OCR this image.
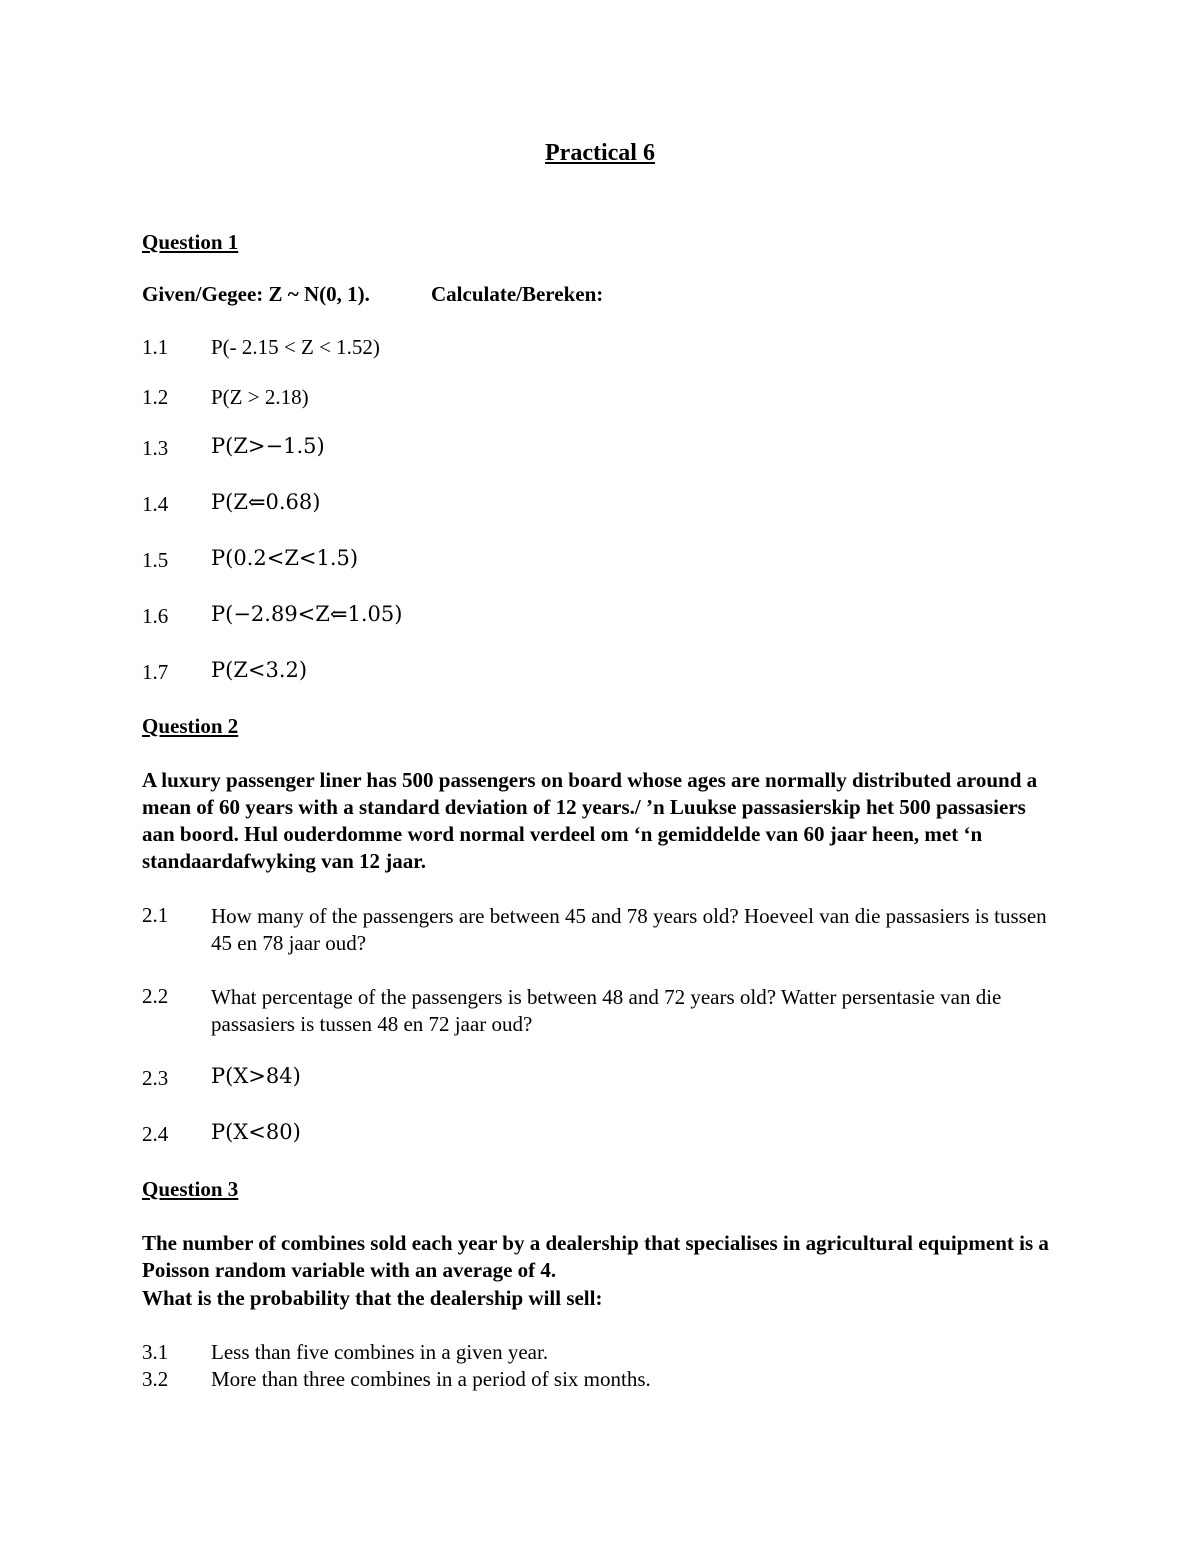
Practical 6
Question 1
Given/Gegee: Z ~ N(0, 1).	Calculate/Bereken:
1.1 P(- 2.15 < Z < 1.52)
1.2 P(Z > 2.18)
1.3 P(Z>−1.5)
1.4 P(Z⇐0.68)
1.5 P(0.2<Z<1.5)
1.6 P(−2.89<Z⇐1.05)
1.7 P(Z<3.2)
Question 2
A luxury passenger liner has 500 passengers on board whose ages are normally distributed around a mean of 60 years with a standard deviation of 12 years./ ’n Luukse passasierskip het 500 passasiers aan boord. Hul ouderdomme word normal verdeel om ‘n gemiddelde van 60 jaar heen, met ‘n standaardafwyking van 12 jaar.
2.1 How many of the passengers are between 45 and 78 years old? Hoeveel van die passasiers is tussen 45 en 78 jaar oud?
2.2 What percentage of the passengers is between 48 and 72 years old? Watter persentasie van die passasiers is tussen 48 en 72 jaar oud?
2.3 P(X>84)
2.4 P(X<80)
Question 3
The number of combines sold each year by a dealership that specialises in agricultural equipment is a Poisson random variable with an average of 4.
What is the probability that the dealership will sell:
3.1 Less than five combines in a given year.
3.2 More than three combines in a period of six months.
